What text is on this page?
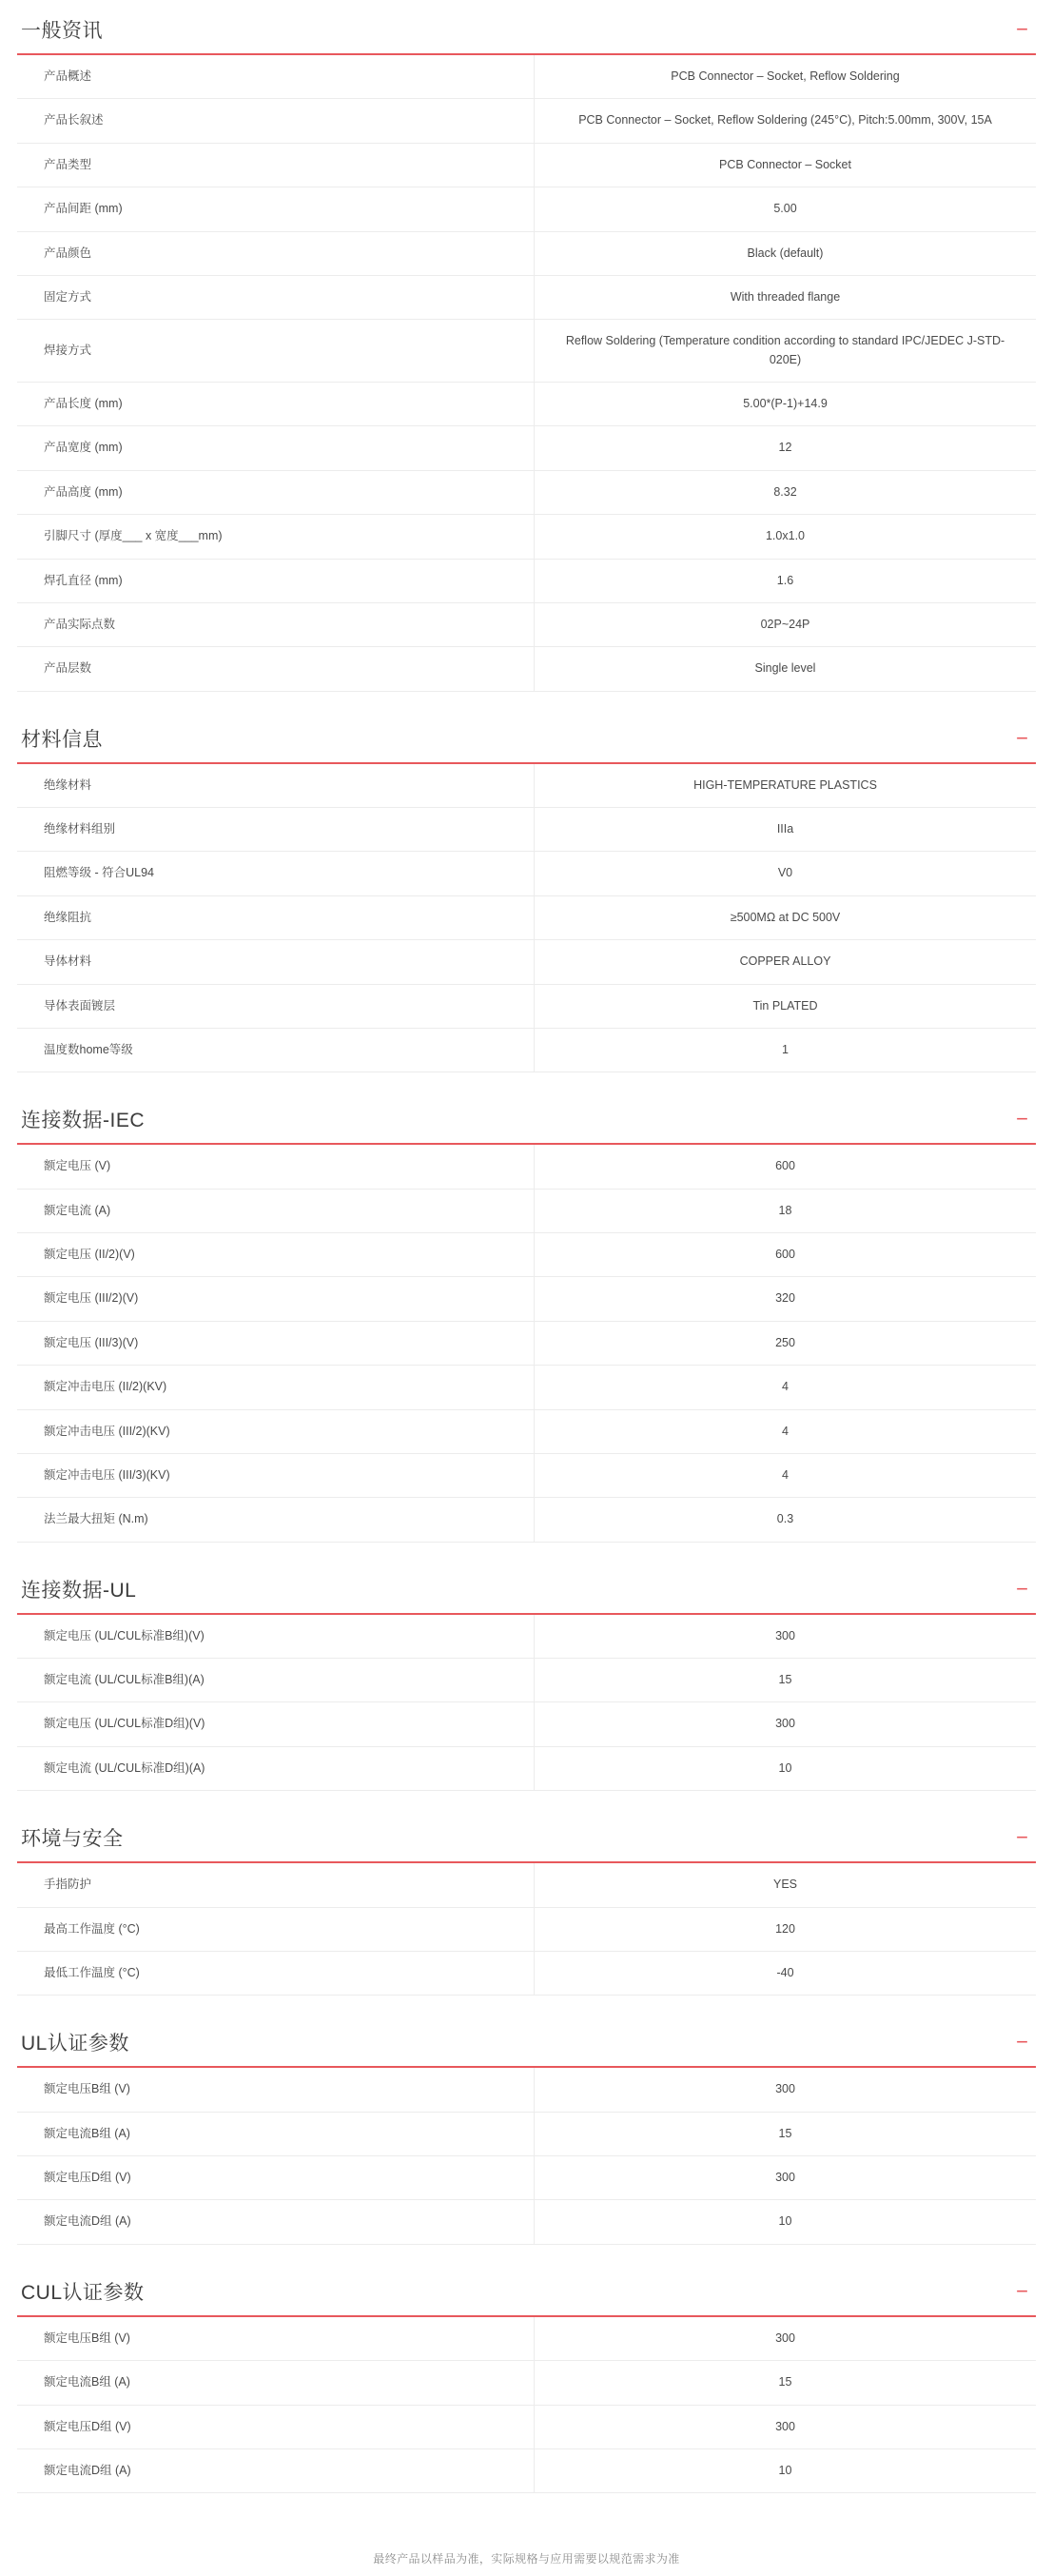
一般资讯	−
产品概述	PCB Connector – Socket, Reflow Soldering
产品长叙述	PCB Connector – Socket, Reflow Soldering (245°C), Pitch:5.00mm, 300V, 15A
产品类型	PCB Connector – Socket
产品间距 (mm)	5.00
产品颜色	Black (default)
固定方式	With threaded flange
焊接方式	Reflow Soldering (Temperature condition according to standard IPC/JEDEC J-STD-020E)
产品长度 (mm)	5.00*(P-1)+14.9
产品宽度 (mm)	12
产品高度 (mm)	8.32
引脚尺寸 (厚度___ x 宽度___mm)	1.0x1.0
焊孔直径 (mm)	1.6
产品实际点数	02P~24P
产品层数	Single level
材料信息	−
绝缘材料	HIGH-TEMPERATURE PLASTICS
绝缘材料组别	IIIa
阻燃等级 - 符合UL94	V0
绝缘阻抗	≥500MΩ at DC 500V
导体材料	COPPER ALLOY
导体表面镀层	Tin PLATED
温度数home等级	1
连接数据-IEC	−
额定电压 (V)	600
额定电流 (A)	18
额定电压 (II/2)(V)	600
额定电压 (III/2)(V)	320
额定电压 (III/3)(V)	250
额定冲击电压 (II/2)(KV)	4
额定冲击电压 (III/2)(KV)	4
额定冲击电压 (III/3)(KV)	4
法兰最大扭矩 (N.m)	0.3
连接数据-UL	−
额定电压 (UL/CUL标准B组)(V)	300
额定电流 (UL/CUL标准B组)(A)	15
额定电压 (UL/CUL标准D组)(V)	300
额定电流 (UL/CUL标准D组)(A)	10
环境与安全	−
手指防护	YES
最高工作温度 (°C)	120
最低工作温度 (°C)	-40
UL认证参数	−
额定电压B组 (V)	300
额定电流B组 (A)	15
额定电压D组 (V)	300
额定电流D组 (A)	10
CUL认证参数	−
额定电压B组 (V)	300
额定电流B组 (A)	15
额定电压D组 (V)	300
额定电流D组 (A)	10
最终产品以样品为准，实际规格与应用需要以规范需求为准
